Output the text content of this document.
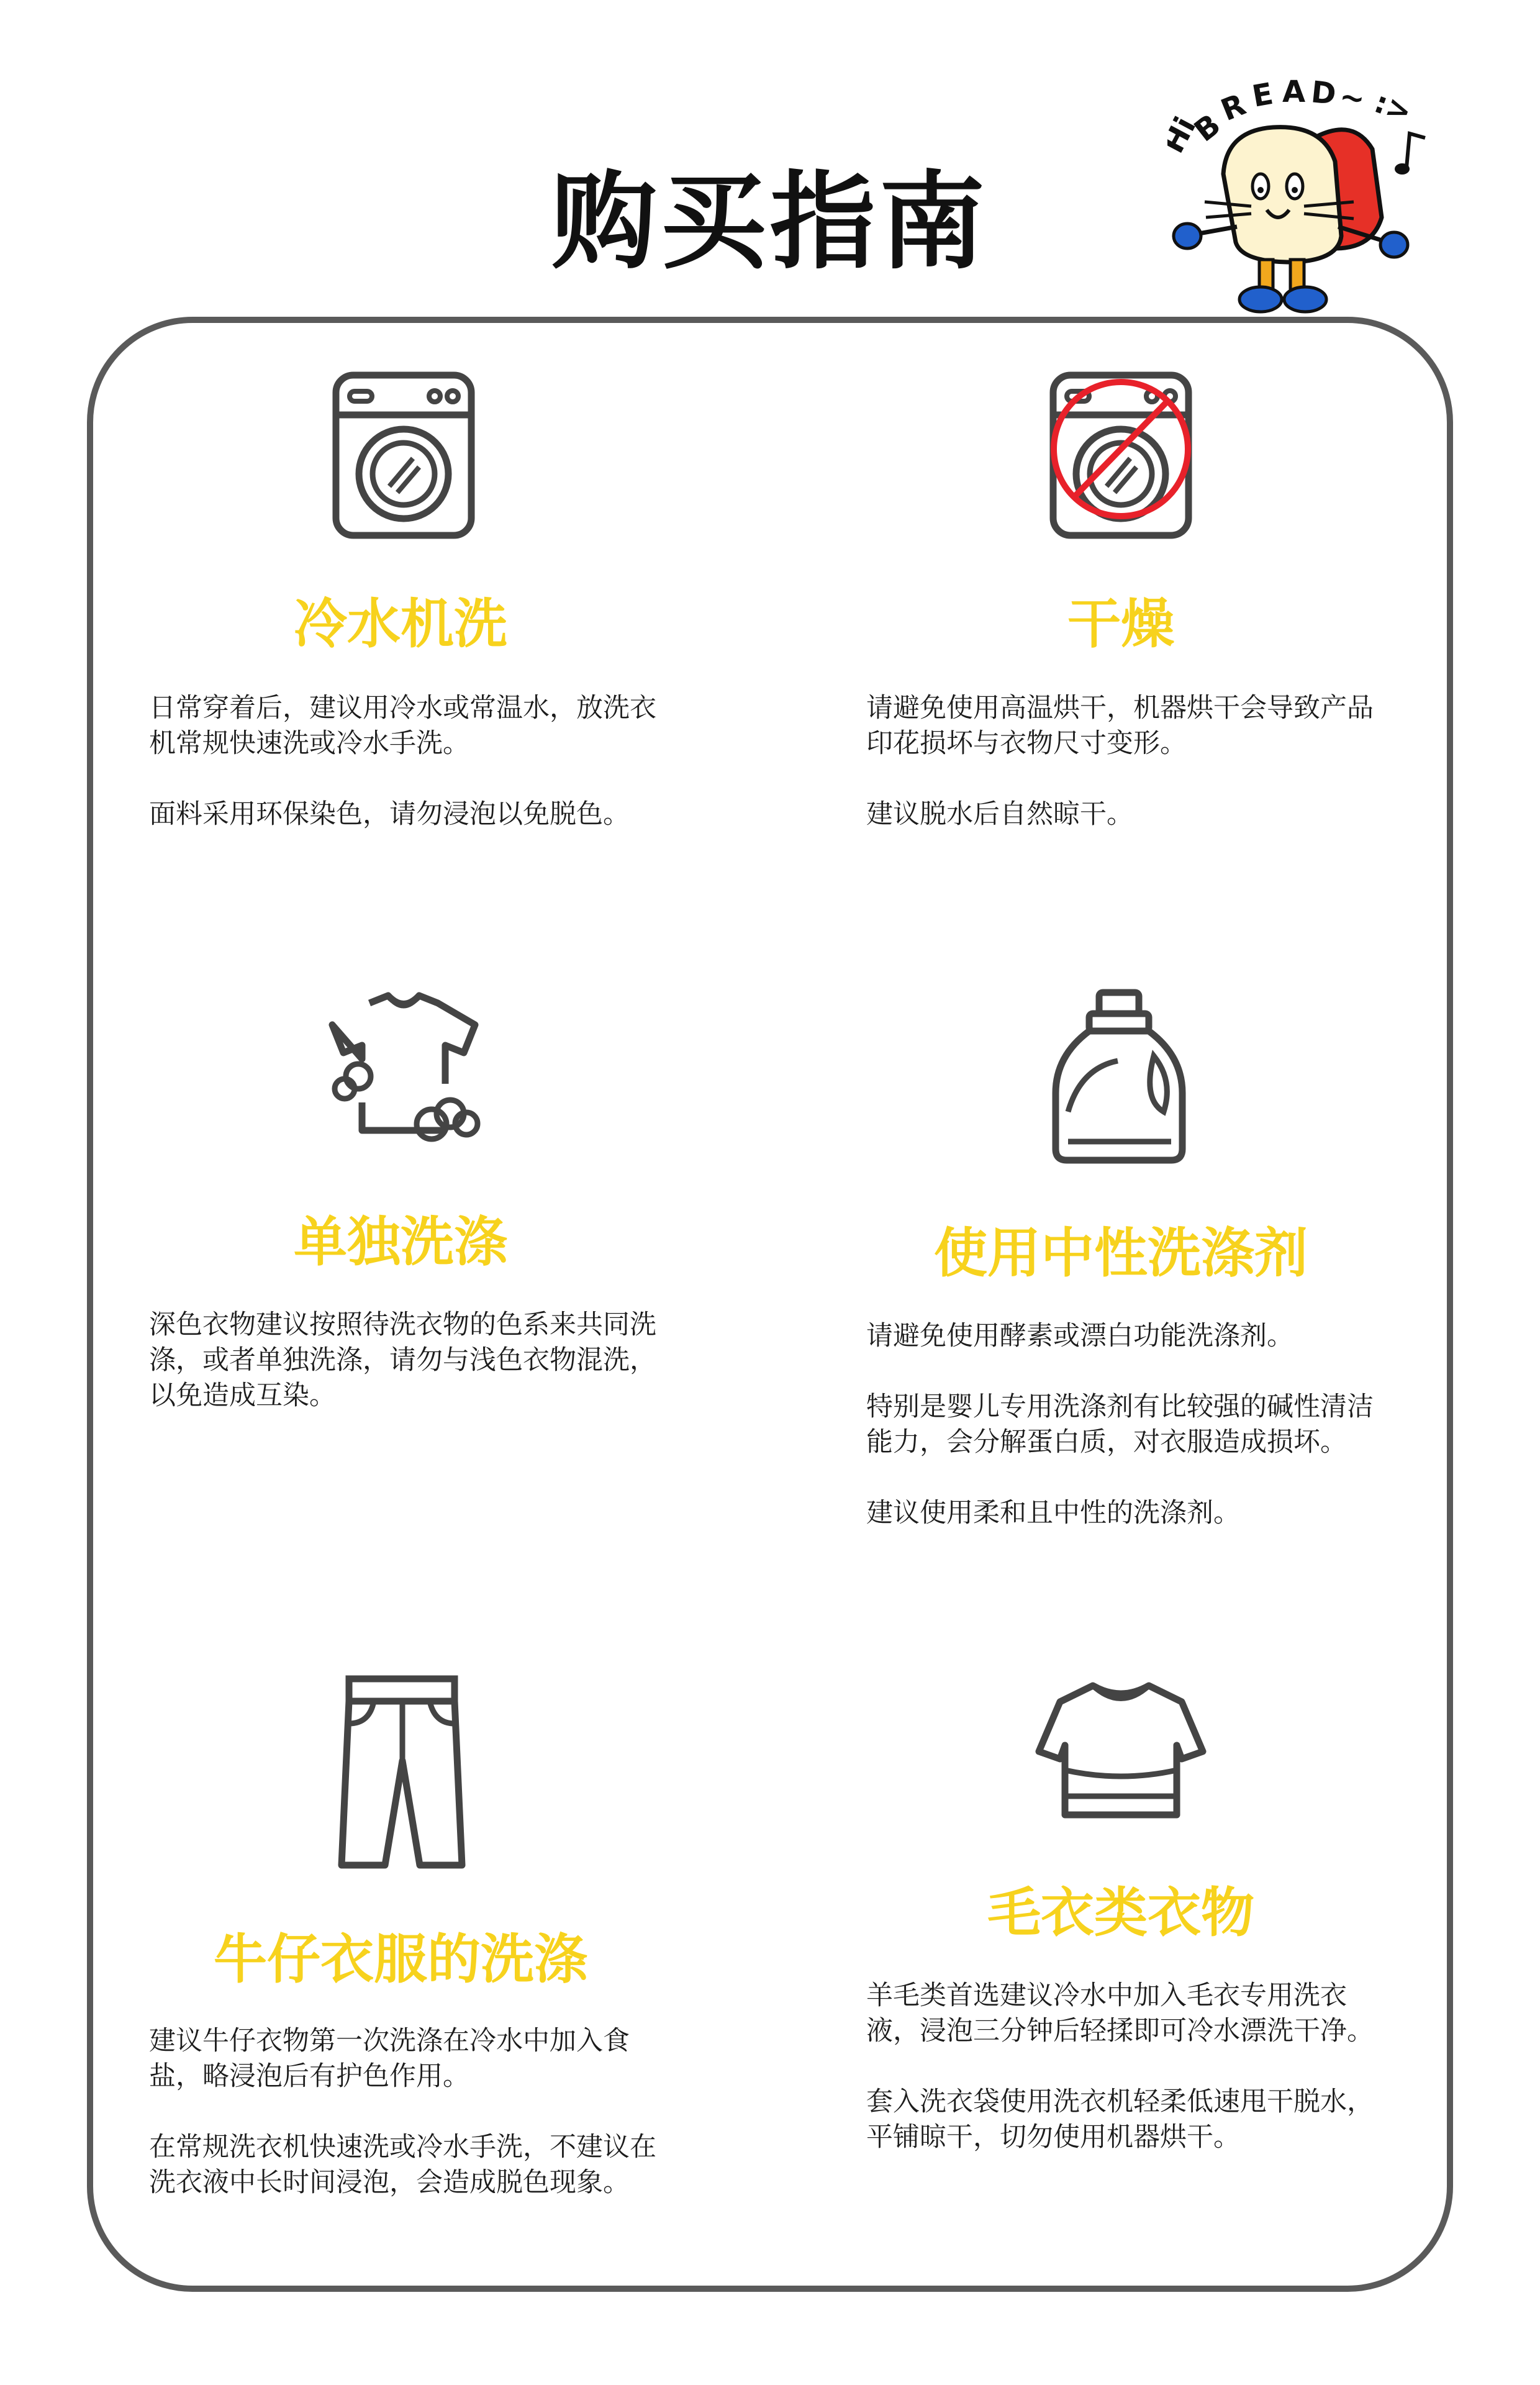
购买指南
Hi
B
R
E A D
~ :>
冷水机洗

日常穿着后，建议用冷水或常温水，放洗衣机常规快速洗或冷水手洗。

面料采用环保染色，请勿浸泡以免脱色。

干燥

请避免使用高温烘干，机器烘干会导致产品印花损坏与衣物尺寸变形。

建议脱水后自然晾干。

单独洗涤

深色衣物建议按照待洗衣物的色系来共同洗涤，或者单独洗涤，请勿与浅色衣物混洗，以免造成互染。

使用中性洗涤剂

请避免使用酵素或漂白功能洗涤剂。

特别是婴儿专用洗涤剂有比较强的碱性清洁能力，会分解蛋白质，对衣服造成损坏。

建议使用柔和且中性的洗涤剂。

牛仔衣服的洗涤

建议牛仔衣物第一次洗涤在冷水中加入食盐，略浸泡后有护色作用。

在常规洗衣机快速洗或冷水手洗，不建议在洗衣液中长时间浸泡，会造成脱色现象。

毛衣类衣物

羊毛类首选建议冷水中加入毛衣专用洗衣液，浸泡三分钟后轻揉即可冷水漂洗干净。

套入洗衣袋使用洗衣机轻柔低速甩干脱水，平铺晾干，切勿使用机器烘干。
